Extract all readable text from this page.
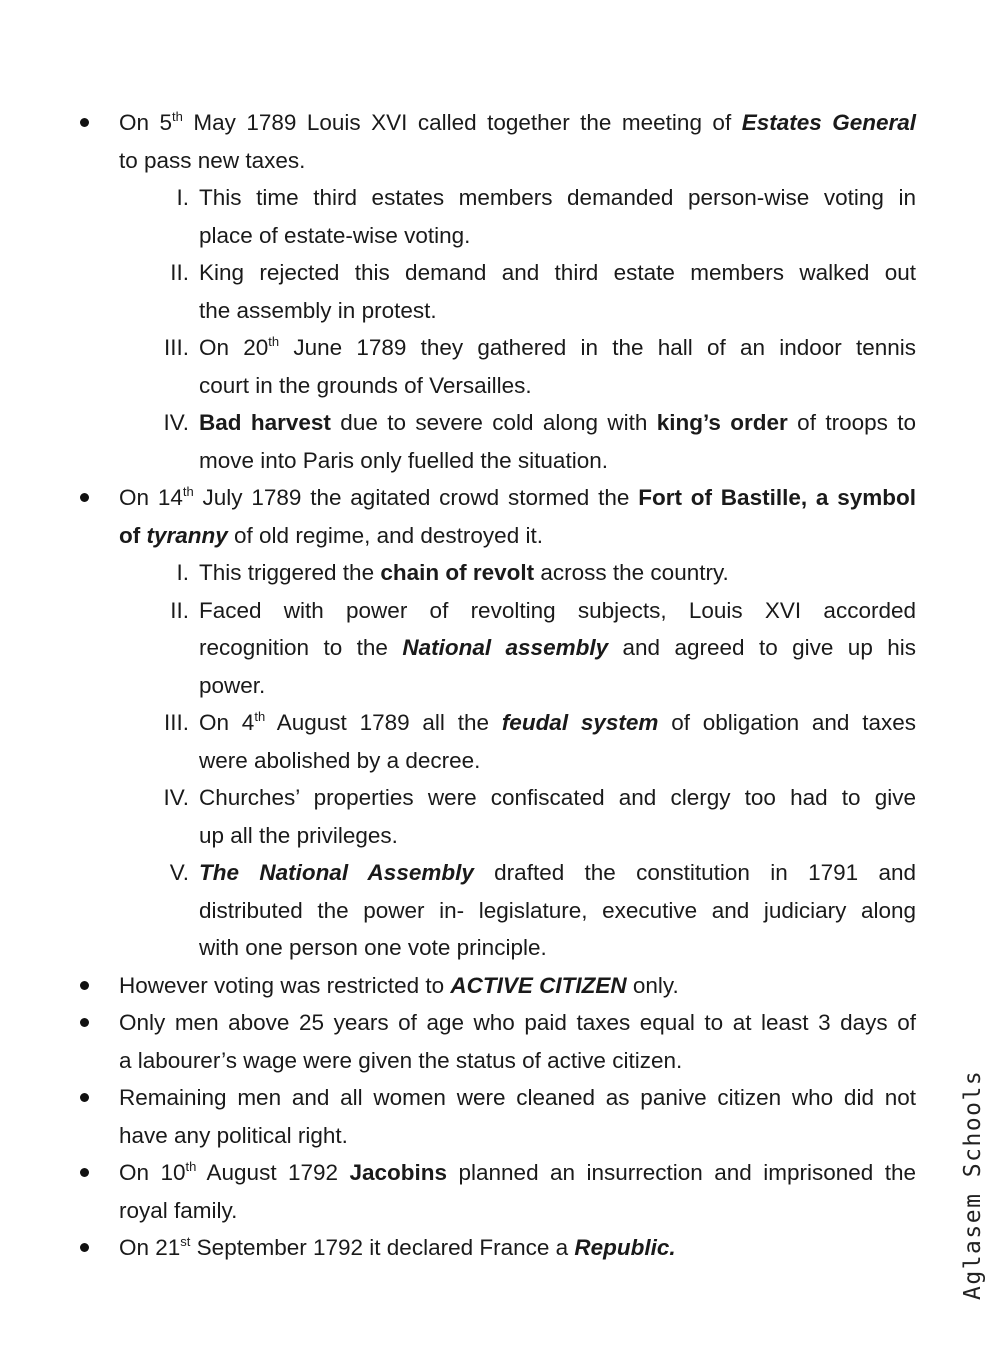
On 5th May 1789 Louis XVI called together the meeting of Estates General
to pass new taxes.
I. This time third estates members demanded person-wise voting in
place of estate-wise voting.
II. King rejected this demand and third estate members walked out
the assembly in protest.
III. On 20th June 1789 they gathered in the hall of an indoor tennis
court in the grounds of Versailles.
IV. Bad harvest due to severe cold along with king’s order of troops to
move into Paris only fuelled the situation.
On 14th July 1789 the agitated crowd stormed the Fort of Bastille, a symbol
of tyranny of old regime, and destroyed it.
I. This triggered the chain of revolt across the country.
II. Faced with power of revolting subjects, Louis XVI accorded
recognition to the National assembly and agreed to give up his
power.
III. On 4th August 1789 all the feudal system of obligation and taxes
were abolished by a decree.
IV. Churches’ properties were confiscated and clergy too had to give
up all the privileges.
V. The National Assembly drafted the constitution in 1791 and
distributed the power in- legislature, executive and judiciary along
with one person one vote principle.
However voting was restricted to ACTIVE CITIZEN only.
Only men above 25 years of age who paid taxes equal to at least 3 days of
a labourer’s wage were given the status of active citizen.
Remaining men and all women were cleaned as panive citizen who did not
have any political right.
On 10th August 1792 Jacobins planned an insurrection and imprisoned the
royal family.
On 21st September 1792 it declared France a Republic.	Aglasem Schools
